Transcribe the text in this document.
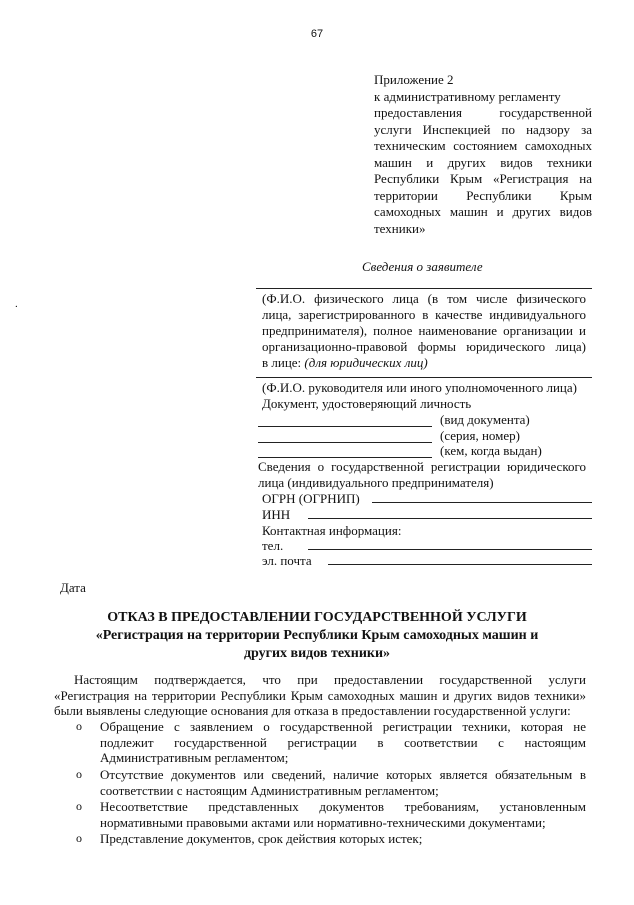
67
.
Приложение 2
к административному регламенту
предоставления государственной
услуги Инспекцией по надзору за
техническим состоянием самоходных
машин и других видов техники
Республики Крым «Регистрация на
территории Республики Крым
самоходных машин и других видов
техники»
Сведения о заявителе
(Ф.И.О. физического лица (в том числе физического
лица, зарегистрированного в качестве индивидуального
предпринимателя), полное наименование организации и
организационно-правовой формы юридического лица)
в лице: (для юридических лиц)
(Ф.И.О. руководителя или иного уполномоченного лица)
Документ, удостоверяющий личность
(вид документа)
(серия, номер)
(кем, когда выдан)
Сведения о государственной регистрации юридического
лица (индивидуального предпринимателя)
ОГРН (ОГРНИП)
ИНН
Контактная информация:
тел.
эл. почта
Дата
ОТКАЗ В ПРЕДОСТАВЛЕНИИ ГОСУДАРСТВЕННОЙ УСЛУГИ
«Регистрация на территории Республики Крым самоходных машин и
других видов техники»
Настоящим подтверждается, что при предоставлении государственной услуги
«Регистрация на территории Республики Крым самоходных машин и других видов техники»
были выявлены следующие основания для отказа в предоставлении государственной услуги:
o Обращение с заявлением о государственной регистрации техники, которая не
подлежит государственной регистрации в соответствии с настоящим
Административным регламентом;
o Отсутствие документов или сведений, наличие которых является обязательным в
соответствии с настоящим Административным регламентом;
o Несоответствие представленных документов требованиям, установленным
нормативными правовыми актами или нормативно-техническими документами;
o Представление документов, срок действия которых истек;
